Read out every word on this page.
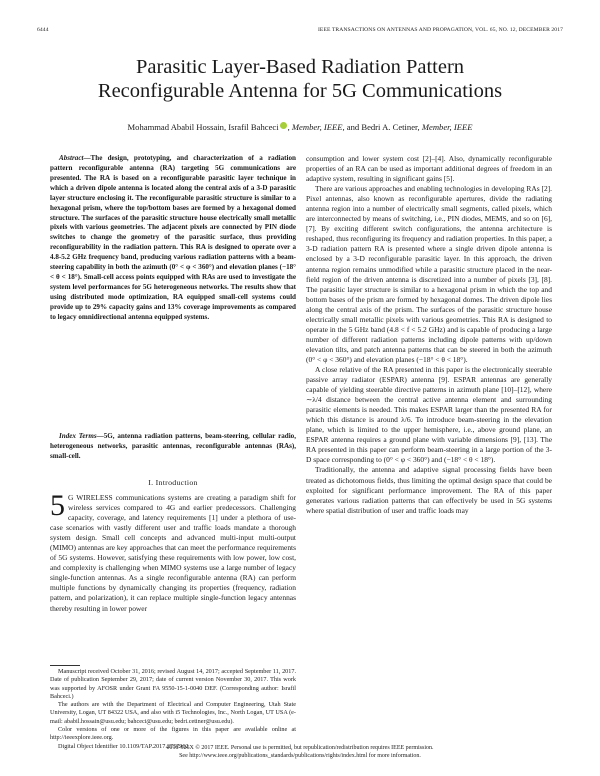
6444	IEEE TRANSACTIONS ON ANTENNAS AND PROPAGATION, VOL. 65, NO. 12, DECEMBER 2017
Parasitic Layer-Based Radiation Pattern
Reconfigurable Antenna for 5G Communications
Mohammad Ababil Hossain, Israfil Bahceci , Member, IEEE, and Bedri A. Cetiner, Member, IEEE
Abstract—The design, prototyping, and characterization of a radiation pattern reconfigurable antenna (RA) targeting 5G communications are presented. The RA is based on a reconfigurable parasitic layer technique in which a driven dipole antenna is located along the central axis of a 3-D parasitic layer structure enclosing it. The reconfigurable parasitic structure is similar to a hexagonal prism, where the top/bottom bases are formed by a hexagonal domed structure. The surfaces of the parasitic structure house electrically small metallic pixels with various geometries. The adjacent pixels are connected by PIN diode switches to change the geometry of the parasitic surface, thus providing reconfigurability in the radiation pattern. This RA is designed to operate over a 4.8-5.2 GHz frequency band, producing various radiation patterns with a beam-steering capability in both the azimuth (0° < φ < 360°) and elevation planes (−18° < θ < 18°). Small-cell access points equipped with RAs are used to investigate the system level performances for 5G heterogeneous networks. The results show that using distributed mode optimization, RA equipped small-cell systems could provide up to 29% capacity gains and 13% coverage improvements as compared to legacy omnidirectional antenna equipped systems.
Index Terms—5G, antenna radiation patterns, beam-steering, cellular radio, heterogeneous networks, parasitic antennas, reconfigurable antennas (RAs), small-cell.
I. Introduction
5 G WIRELESS communications systems are creating a paradigm shift for wireless services compared to 4G and earlier predecessors. Challenging capacity, coverage, and latency requirements [1] under a plethora of use-case scenarios with vastly different user and traffic loads mandate a thorough system design. Small cell concepts and advanced multi-input multi-output (MIMO) antennas are key approaches that can meet the performance requirements of 5G systems. However, satisfying these requirements with low power, low cost, and complexity is challenging when MIMO systems use a large number of legacy single-function antennas. As a single reconfigurable antenna (RA) can perform multiple functions by dynamically changing its properties (frequency, radiation pattern, and polarization), it can replace multiple single-function legacy antennas thereby resulting in lower power

Manuscript received October 31, 2016; revised August 14, 2017; accepted September 11, 2017. Date of publication September 29, 2017; date of current version November 30, 2017. This work was supported by AFOSR under Grant FA 9550-15-1-0040 DEF. (Corresponding author: Israfil Bahceci.)

The authors are with the Department of Electrical and Computer Engineering, Utah State University, Logan, UT 84322 USA, and also with i5 Technologies, Inc., North Logan, UT USA (e-mail: ababil.hossain@usu.edu; bahceci@usu.edu; bedri.cetiner@usu.edu).

Color versions of one or more of the figures in this paper are available online at http://ieeexplore.ieee.org.

Digital Object Identifier 10.1109/TAP.2017.2757962

consumption and lower system cost [2]–[4]. Also, dynamically reconfigurable properties of an RA can be used as important additional degrees of freedom in an adaptive system, resulting in significant gains [5].

There are various approaches and enabling technologies in developing RAs [2]. Pixel antennas, also known as reconfigurable apertures, divide the radiating antenna region into a number of electrically small segments, called pixels, which are interconnected by means of switching, i.e., PIN diodes, MEMS, and so on [6], [7]. By exciting different switch configurations, the antenna architecture is reshaped, thus reconfiguring its frequency and radiation properties. In this paper, a 3-D radiation pattern RA is presented where a single driven dipole antenna is enclosed by a 3-D reconfigurable parasitic layer. In this approach, the driven antenna region remains unmodified while a parasitic structure placed in the near-field region of the driven antenna is discretized into a number of pixels [3], [8]. The parasitic layer structure is similar to a hexagonal prism in which the top and bottom bases of the prism are formed by hexagonal domes. The driven dipole lies along the central axis of the prism. The surfaces of the parasitic structure house electrically small metallic pixels with various geometries. This RA is designed to operate in the 5 GHz band (4.8 < f < 5.2 GHz) and is capable of producing a large number of different radiation patterns including dipole patterns with up/down elevation tilts, and patch antenna patterns that can be steered in both the azimuth (0° < φ < 360°) and elevation planes (−18° < θ < 18°).

A close relative of the RA presented in this paper is the electronically steerable passive array radiator (ESPAR) antenna [9]. ESPAR antennas are generally capable of yielding steerable directive patterns in azimuth plane [10]–[12], where ∼λ/4 distance between the central active antenna element and surrounding parasitic elements is needed. This makes ESPAR larger than the presented RA for which this distance is around λ/6. To introduce beam-steering in the elevation plane, which is limited to the upper hemisphere, i.e., above ground plane, an ESPAR antenna requires a ground plane with variable dimensions [9], [13]. The RA presented in this paper can perform beam-steering in a large portion of the 3-D space corresponding to (0° < φ < 360°) and (−18° < θ < 18°).

Traditionally, the antenna and adaptive signal processing fields have been treated as dichotomous fields, thus limiting the optimal design space that could be exploited for significant performance improvement. The RA of this paper generates various radiation patterns that can effectively be used in 5G systems where spatial distribution of user and traffic loads may

0018-926X © 2017 IEEE. Personal use is permitted, but republication/redistribution requires IEEE permission.
See http://www.ieee.org/publications_standards/publications/rights/index.html for more information.
